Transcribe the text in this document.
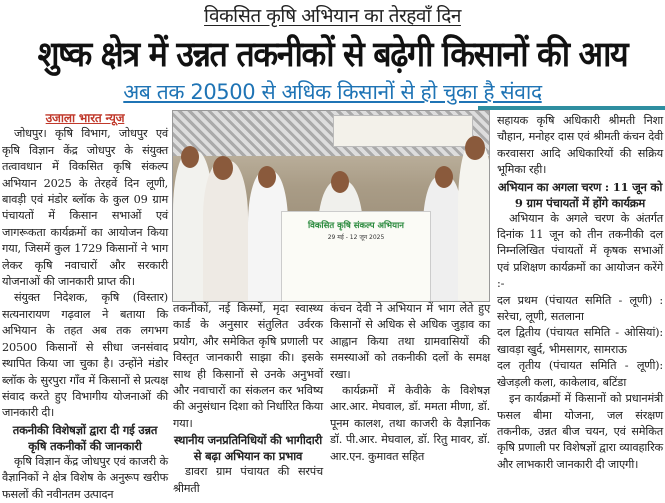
विकसित कृषि अभियान का तेरहवाँ दिन
शुष्क क्षेत्र में उन्नत तकनीकों से बढ़ेगी किसानों की आय
अब तक 20500 से अधिक किसानों से हो चुका है संवाद

उजाला भारत न्यूज

जोधपुर। कृषि विभाग, जोधपुर एवं कृषि विज्ञान केंद्र जोधपुर के संयुक्त तत्वावधान में विकसित कृषि संकल्प अभियान 2025 के तेरहवें दिन लूणी, बावड़ी एवं मंडोर ब्लॉक के कुल 09 ग्राम पंचायतों में किसान सभाओं एवं जागरूकता कार्यक्रमों का आयोजन किया गया, जिसमें कुल 1729 किसानों ने भाग लेकर कृषि नवाचारों और सरकारी योजनाओं की जानकारी प्राप्त की।

संयुक्त निदेशक, कृषि (विस्तार) सत्यनारायण गढ़वाल ने बताया कि अभियान के तहत अब तक लगभग 20500 किसानों से सीधा जनसंवाद स्थापित किया जा चुका है। उन्होंने मंडोर ब्लॉक के सुरपुरा गाँव में किसानों से प्रत्यक्ष संवाद करते हुए विभागीय योजनाओं की जानकारी दी।

तकनीकी विशेषज्ञों द्वारा दी गई उन्नत कृषि तकनीकों की जानकारी

कृषि विज्ञान केंद्र जोधपुर एवं काजरी के वैज्ञानिकों ने क्षेत्र विशेष के अनुरूप खरीफ फसलों की नवीनतम उत्पादन

विकसित कृषि संकल्प अभियान
29 मई - 12 जून 2025

तकनीकों, नई किस्मों, मृदा स्वास्थ्य कार्ड के अनुसार संतुलित उर्वरक प्रयोग, और समेकित कृषि प्रणाली पर विस्तृत जानकारी साझा की। इसके साथ ही किसानों से उनके अनुभवों और नवाचारों का संकलन कर भविष्य की अनुसंधान दिशा को निर्धारित किया गया।

स्थानीय जनप्रतिनिधियों की भागीदारी से बढ़ा अभियान का प्रभाव

डावरा ग्राम पंचायत की सरपंच श्रीमती

कंचन देवी ने अभियान में भाग लेते हुए किसानों से अधिक से अधिक जुड़ाव का आह्वान किया तथा ग्रामवासियों की समस्याओं को तकनीकी दलों के समक्ष रखा।

कार्यक्रमों में केवीके के विशेषज्ञ आर.आर. मेघवाल, डॉ. ममता मीणा, डॉ. पूनम कालश, तथा काजरी के वैज्ञानिक डॉ. पी.आर. मेघवाल, डॉ. रितु मावर, डॉ. आर.एन. कुमावत सहित

सहायक कृषि अधिकारी श्रीमती निशा चौहान, मनोहर दास एवं श्रीमती कंचन देवी करवासरा आदि अधिकारियों की सक्रिय भूमिका रही।

अभियान का अगला चरण : 11 जून को 9 ग्राम पंचायतों में होंगे कार्यक्रम

अभियान के अगले चरण के अंतर्गत दिनांक 11 जून को तीन तकनीकी दल निम्नलिखित पंचायतों में कृषक सभाओं एवं प्रशिक्षण कार्यक्रमों का आयोजन करेंगे :-

दल प्रथम (पंचायत समिति - लूणी) : सरेचा, लूणी, सतलाना

दल द्वितीय (पंचायत समिति - ओसियां): खावड़ा खुर्द, भीमसागर, सामराऊ

दल तृतीय (पंचायत समिति - लूणी): खेजड़ली कला, काकेलाव, बटिंडा

इन कार्यक्रमों में किसानों को प्रधानमंत्री फसल बीमा योजना, जल संरक्षण तकनीक, उन्नत बीज चयन, एवं समेकित कृषि प्रणाली पर विशेषज्ञों द्वारा व्यावहारिक और लाभकारी जानकारी दी जाएगी।
